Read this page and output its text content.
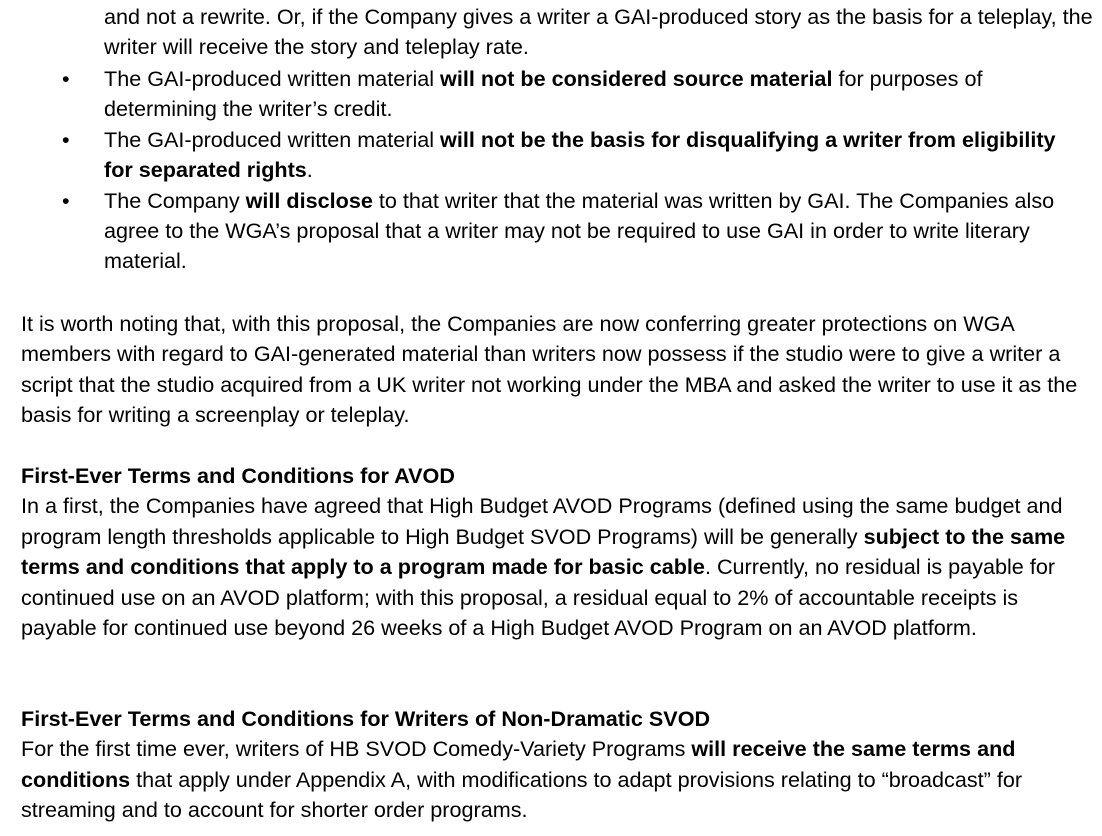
and not a rewrite. Or, if the Company gives a writer a GAI-produced story as the basis for a teleplay, the writer will receive the story and teleplay rate.
• The GAI-produced written material will not be considered source material for purposes of determining the writer’s credit.
• The GAI-produced written material will not be the basis for disqualifying a writer from eligibility for separated rights.
• The Company will disclose to that writer that the material was written by GAI. The Companies also agree to the WGA’s proposal that a writer may not be required to use GAI in order to write literary material.
It is worth noting that, with this proposal, the Companies are now conferring greater protections on WGA members with regard to GAI-generated material than writers now possess if the studio were to give a writer a script that the studio acquired from a UK writer not working under the MBA and asked the writer to use it as the basis for writing a screenplay or teleplay.
First-Ever Terms and Conditions for AVOD
In a first, the Companies have agreed that High Budget AVOD Programs (defined using the same budget and program length thresholds applicable to High Budget SVOD Programs) will be generally subject to the same terms and conditions that apply to a program made for basic cable. Currently, no residual is payable for continued use on an AVOD platform; with this proposal, a residual equal to 2% of accountable receipts is payable for continued use beyond 26 weeks of a High Budget AVOD Program on an AVOD platform.
First-Ever Terms and Conditions for Writers of Non-Dramatic SVOD
For the first time ever, writers of HB SVOD Comedy-Variety Programs will receive the same terms and conditions that apply under Appendix A, with modifications to adapt provisions relating to “broadcast” for streaming and to account for shorter order programs.
